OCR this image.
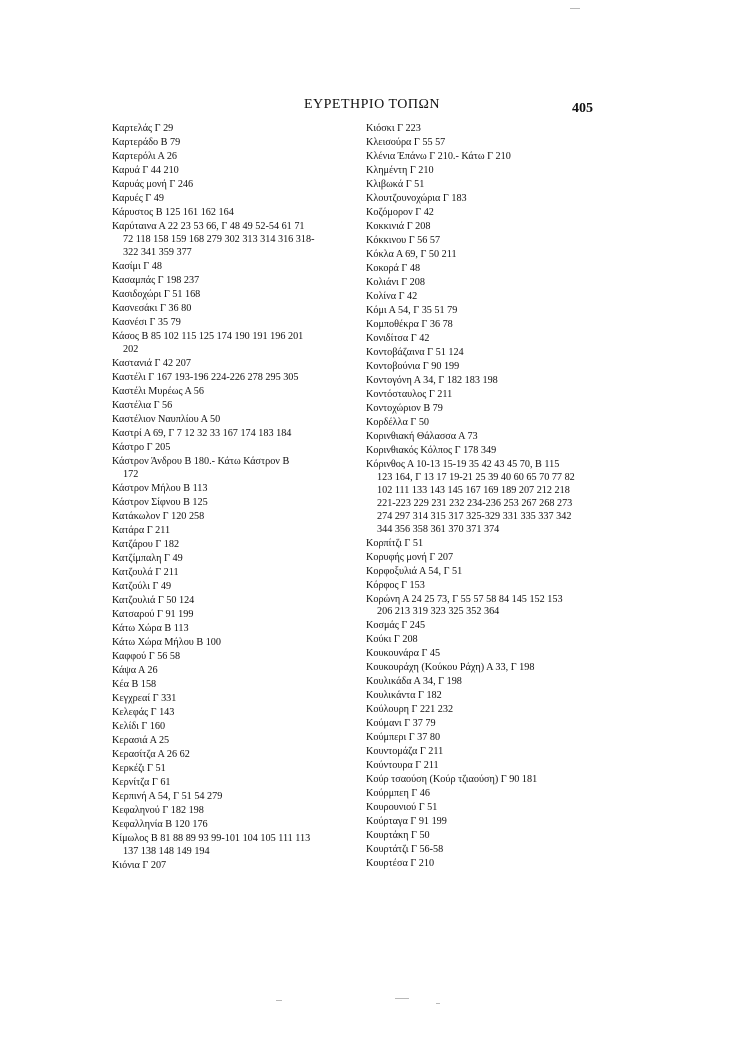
ΕΥΡΕΤΗΡΙΟ ΤΟΠΩΝ	405
Καρτελάς Γ 29
Καρτεράδο Β 79
Καρτερόλι Α 26
Καρυά Γ 44 210
Καρυάς μονή Γ 246
Καρυές Γ 49
Κάρυστος Β 125 161 162 164
Καρύταινα Α 22 23 53 66, Γ 48 49 52-54 61 71
72 118 158 159 168 279 302 313 314 316 318-
322 341 359 377
Κασίμι Γ 48
Κασαμπάς Γ 198 237
Κασιδοχώρι Γ 51 168
Κασνεσάκι Γ 36 80
Κασνέσι Γ 35 79
Κάσος Β 85 102 115 125 174 190 191 196 201
202
Καστανιά Γ 42 207
Καστέλι Γ 167 193-196 224-226 278 295 305
Καστέλι Μυρέως Α 56
Καστέλια Γ 56
Καστέλιον Ναυπλίου Α 50
Καστρί Α 69, Γ 7 12 32 33 167 174 183 184
Κάστρο Γ 205
Κάστρον Άνδρου Β 180.- Κάτω Κάστρον Β
172
Κάστρον Μήλου Β 113
Κάστρον Σίφνου Β 125
Κατάκωλον Γ 120 258
Κατάρα Γ 211
Κατζάρου Γ 182
Κατζίμπαλη Γ 49
Κατζουλά Γ 211
Κατζούλι Γ 49
Κατζουλιά Γ 50 124
Κατσαρού Γ 91 199
Κάτω Χώρα Β 113
Κάτω Χώρα Μήλου Β 100
Καφφού Γ 56 58
Κάψα Α 26
Κέα Β 158
Κεγχρεαί Γ 331
Κελεφάς Γ 143
Κελίδι Γ 160
Κερασιά Α 25
Κερασίτζα Α 26 62
Κερκέζι Γ 51
Κερνίτζα Γ 61
Κερπινή Α 54, Γ 51 54 279
Κεφαληνού Γ 182 198
Κεφαλληνία Β 120 176
Κίμωλος Β 81 88 89 93 99-101 104 105 111 113
137 138 148 149 194
Κιόνια Γ 207
Κιόσκι Γ 223
Κλεισούρα Γ 55 57
Κλένια Έπάνω Γ 210.- Κάτω Γ 210
Κλημέντη Γ 210
Κλιβωκά Γ 51
Κλουτζουνοχώρια Γ 183
Κοζόμορον Γ 42
Κοκκινιά Γ 208
Κόκκινου Γ 56 57
Κόκλα Α 69, Γ 50 211
Κοκορά Γ 48
Κολιάνι Γ 208
Κολίνα Γ 42
Κόμι Α 54, Γ 35 51 79
Κομποθέκρα Γ 36 78
Κονιδίτσα Γ 42
Κοντοβάζαινα Γ 51 124
Κοντοβούνια Γ 90 199
Κοντογόνη Α 34, Γ 182 183 198
Κοντόσταυλος Γ 211
Κοντοχώριον Β 79
Κορδέλλα Γ 50
Κορινθιακή Θάλασσα Α 73
Κορινθιακός Κόλπος Γ 178 349
Κόρινθος Α 10-13 15-19 35 42 43 45 70, Β 115
123 164, Γ 13 17 19-21 25 39 40 60 65 70 77 82
102 111 133 143 145 167 169 189 207 212 218
221-223 229 231 232 234-236 253 267 268 273
274 297 314 315 317 325-329 331 335 337 342
344 356 358 361 370 371 374
Κορπίτζι Γ 51
Κορυφής μονή Γ 207
Κορφοξυλιά Α 54, Γ 51
Κόρφος Γ 153
Κορώνη Α 24 25 73, Γ 55 57 58 84 145 152 153
206 213 319 323 325 352 364
Κοσμάς Γ 245
Κούκι Γ 208
Κουκουνάρα Γ 45
Κουκουράχη (Κούκου Ράχη) Α 33, Γ 198
Κουλικάδα Α 34, Γ 198
Κουλικάντα Γ 182
Κούλουρη Γ 221 232
Κούμανι Γ 37 79
Κούμπερι Γ 37 80
Κουντομάζα Γ 211
Κούντουρα Γ 211
Κούρ τσαούση (Κούρ τζιαούση) Γ 90 181
Κούρμπεη Γ 46
Κουρουνιού Γ 51
Κούρταγα Γ 91 199
Κουρτάκη Γ 50
Κουρτάτζι Γ 56-58
Κουρτέσα Γ 210
